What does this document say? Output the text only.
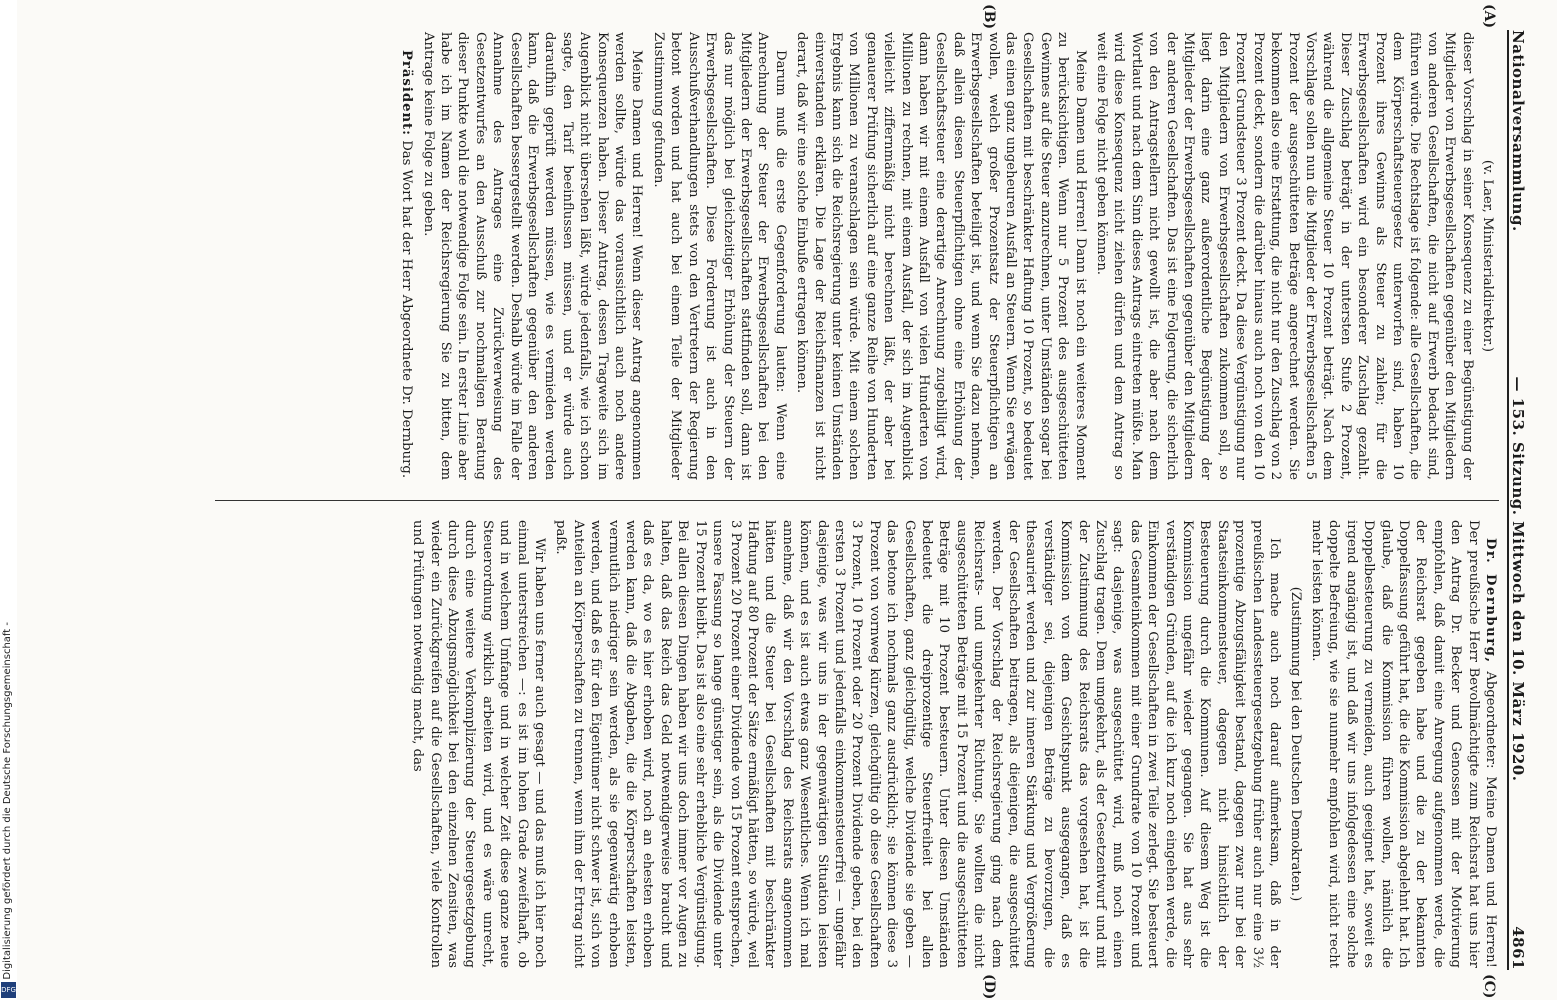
Digitalisierung gefördert durch die Deutsche Forschungsgemeinschaft -
DFG
Nationalversammlung.
— 153. Sitzung. Mittwoch den 10. März 1920.
4861
(A)
(B)
(C)
(D)

(v. Laer, Ministerialdirektor.)

dieser Vorschlag in seiner Konsequenz zu einer Begünstigung der Mitglieder von Erwerbsgesellschaften gegenüber den Mitgliedern von anderen Gesellschaften, die nicht auf Erwerb bedacht sind, führen würde. Die Rechtslage ist folgende: alle Gesellschaften, die dem Körperschaftsteuergesetz unterworfen sind, haben 10 Prozent ihres Gewinns als Steuer zu zahlen; für die Erwerbsgesellschaften wird ein besonderer Zuschlag gezahlt. Dieser Zuschlag beträgt in der untersten Stufe 2 Prozent, während die allgemeine Steuer 10 Prozent beträgt. Nach dem Vorschlage sollen nun die Mitglieder der Erwerbsgesellschaften 5 Prozent der ausgeschütteten Beträge angerechnet werden. Sie bekommen also eine Erstattung, die nicht nur den Zuschlag von 2 Prozent deckt, sondern die darüber hinaus auch noch von den 10 Prozent Grundsteuer 3 Prozent deckt. Da diese Vergünstigung nur den Mitgliedern von Erwerbsgesellschaften zukommen soll, so liegt darin eine ganz außerordentliche Begünstigung der Mitglieder der Erwerbsgesellschaften gegenüber den Mitgliedern der anderen Gesellschaften. Das ist eine Folgerung, die sicherlich von den Antragstellern nicht gewollt ist, die aber nach dem Wortlaut und nach dem Sinn dieses Antrags eintreten müßte. Man wird diese Konsequenz nicht ziehen dürfen und dem Antrag so weit eine Folge nicht geben können.

Meine Damen und Herren! Dann ist noch ein weiteres Moment zu berücksichtigen. Wenn nur 5 Prozent des ausgeschütteten Gewinnes auf die Steuer anzurechnen, unter Umständen sogar bei Gesellschaften mit beschränkter Haftung 10 Prozent, so bedeutet das einen ganz ungeheuren Ausfall an Steuern. Wenn Sie erwägen wollen, welch großer Prozentsatz der Steuerpflichtigen an Erwerbsgesellschaften beteiligt ist, und wenn Sie dazu nehmen, daß allein diesen Steuerpflichtigen ohne eine Erhöhung der Gesellschaftssteuer eine derartige Anrechnung zugebilligt wird, dann haben wir mit einem Ausfall von vielen Hunderten von Millionen zu rechnen, mit einem Ausfall, der sich im Augenblick vielleicht ziffernmäßig nicht berechnen läßt, der aber bei genauerer Prüfung sicherlich auf eine ganze Reihe von Hunderten von Millionen zu veranschlagen sein würde. Mit einem solchen Ergebnis kann sich die Reichsregierung unter keinen Umständen einverstanden erklären. Die Lage der Reichsfinanzen ist nicht derart, daß wir eine solche Einbuße ertragen können.

Darum muß die erste Gegenforderung lauten: Wenn eine Anrechnung der Steuer der Erwerbsgesellschaften bei den Mitgliedern der Erwerbsgesellschaften stattfinden soll, dann ist das nur möglich bei gleichzeitiger Erhöhung der Steuern der Erwerbsgesellschaften. Diese Forderung ist auch in den Ausschußverhandlungen stets von den Vertretern der Regierung betont worden und hat auch bei einem Teile der Mitglieder Zustimmung gefunden.

Meine Damen und Herren! Wenn dieser Antrag angenommen werden sollte, würde das voraussichtlich auch noch andere Konsequenzen haben. Dieser Antrag, dessen Tragweite sich im Augenblick nicht übersehen läßt, würde jedenfalls, wie ich schon sagte, den Tarif beeinflussen müssen, und er würde auch daraufhin geprüft werden müssen, wie es vermieden werden kann, daß die Erwerbsgesellschaften gegenüber den anderen Gesellschaften bessergestellt werden. Deshalb würde im Falle der Annahme des Antrages eine Zurückverweisung des Gesetzentwurfes an den Ausschuß zur nochmaligen Beratung dieser Punkte wohl die notwendige Folge sein. In erster Linie aber habe ich im Namen der Reichsregierung Sie zu bitten, dem Antrage keine Folge zu geben.

Präsident: Das Wort hat der Herr Abgeordnete Dr. Dernburg.

Dr. Dernburg, Abgeordneter: Meine Damen und Herren! Der preußische Herr Bevollmächtigte zum Reichsrat hat uns hier den Antrag Dr. Becker und Genossen mit der Motivierung empfohlen, daß damit eine Anregung aufgenommen werde, die der Reichsrat gegeben habe und die zu der bekannten Doppelfassung geführt hat, die die Kommission abgelehnt hat. Ich glaube, daß die Kommission führen wollen, nämlich die Doppelbesteuerung zu vermeiden, auch geeignet hat, soweit es irgend angängig ist, und daß wir uns infolgedessen eine solche doppelte Befreiung, wie sie nunmehr empfohlen wird, nicht recht mehr leisten können.

(Zustimmung bei den Deutschen Demokraten.)

Ich mache auch noch darauf aufmerksam, daß in der preußischen Landessteuergesetzgebung früher auch nur eine 3½ prozentige Abzugsfähigkeit bestand, dagegen zwar nur bei der Staatseinkommensteuer, dagegen nicht hinsichtlich der Besteuerung durch die Kommunen. Auf diesem Weg ist die Kommission ungefähr wieder gegangen. Sie hat aus sehr verständigen Gründen, auf die ich kurz noch eingehen werde, die Einkommen der Gesellschaften in zwei Teile zerlegt. Sie besteuert das Gesamteinkommen mit einer Grundrate von 10 Prozent und sagt: dasjenige, was ausgeschüttet wird, muß noch einen Zuschlag tragen. Dem umgekehrt, als der Gesetzentwurf und mit der Zustimmung des Reichsrats das vorgesehen hat, ist die Kommission von dem Gesichtspunkt ausgegangen, daß es verständiger sei, diejenigen Beträge zu bevorzugen, die thesauriert werden und zur inneren Stärkung und Vergrößerung der Gesellschaften beitragen, als diejenigen, die ausgeschüttet werden. Der Vorschlag der Reichsregierung ging nach dem Reichsrats- und umgekehrter Richtung. Sie wollten die nicht ausgeschütteten Beträge mit 15 Prozent und die ausgeschütteten Beträge mit 10 Prozent besteuern. Unter diesen Umständen bedeutet die dreiprozentige Steuerfreiheit bei allen Gesellschaften, ganz gleichgültig, welche Dividende sie geben — das betone ich nochmals ganz ausdrücklich; sie können diese 3 Prozent von vornweg kürzen, gleichgültig ob diese Gesellschaften 3 Prozent, 10 Prozent oder 20 Prozent Dividende geben, bei den ersten 3 Prozent und jedenfalls einkommensteuerfrei — ungefähr dasjenige, was wir uns in der gegenwärtigen Situation leisten können, und es ist auch etwas ganz Wesentliches. Wenn ich mal annehme, daß wir den Vorschlag des Reichsrats angenommen hätten und die Steuer bei Gesellschaften mit beschränkter Haftung auf 80 Prozent der Sätze ermäßigt hätten, so würde, weil 3 Prozent 20 Prozent einer Dividende von 15 Prozent entsprechen, unsere Fassung so lange günstiger sein, als die Dividende unter 15 Prozent bleibt. Das ist also eine sehr erhebliche Vergünstigung. Bei allen diesen Dingen haben wir uns doch immer vor Augen zu halten, daß das Reich das Geld notwendigerweise braucht und daß es da, wo es hier erhoben wird, noch an ehesten erhoben werden kann, daß die Abgaben, die die Körperschaften leisten, vermutlich niedriger sein werden, als sie gegenwärtig erhoben werden, und daß es für den Eigentümer nicht schwer ist, sich von Anteilen an Körperschaften zu trennen, wenn ihm der Ertrag nicht paßt.

Wir haben uns ferner auch gesagt — und das muß ich hier noch einmal unterstreichen —: es ist im hohen Grade zweifelhaft, ob und in welchem Umfange und in welcher Zeit diese ganze neue Steuerordnung wirklich arbeiten wird, und es wäre unrecht, durch eine weitere Verkomplizierung der Steuergesetzgebung durch diese Abzugsmöglichkeit bei den einzelnen Zensiten, was wieder ein Zurückgreifen auf die Gesellschaften, viele Kontrollen und Prüfungen notwendig macht, das
